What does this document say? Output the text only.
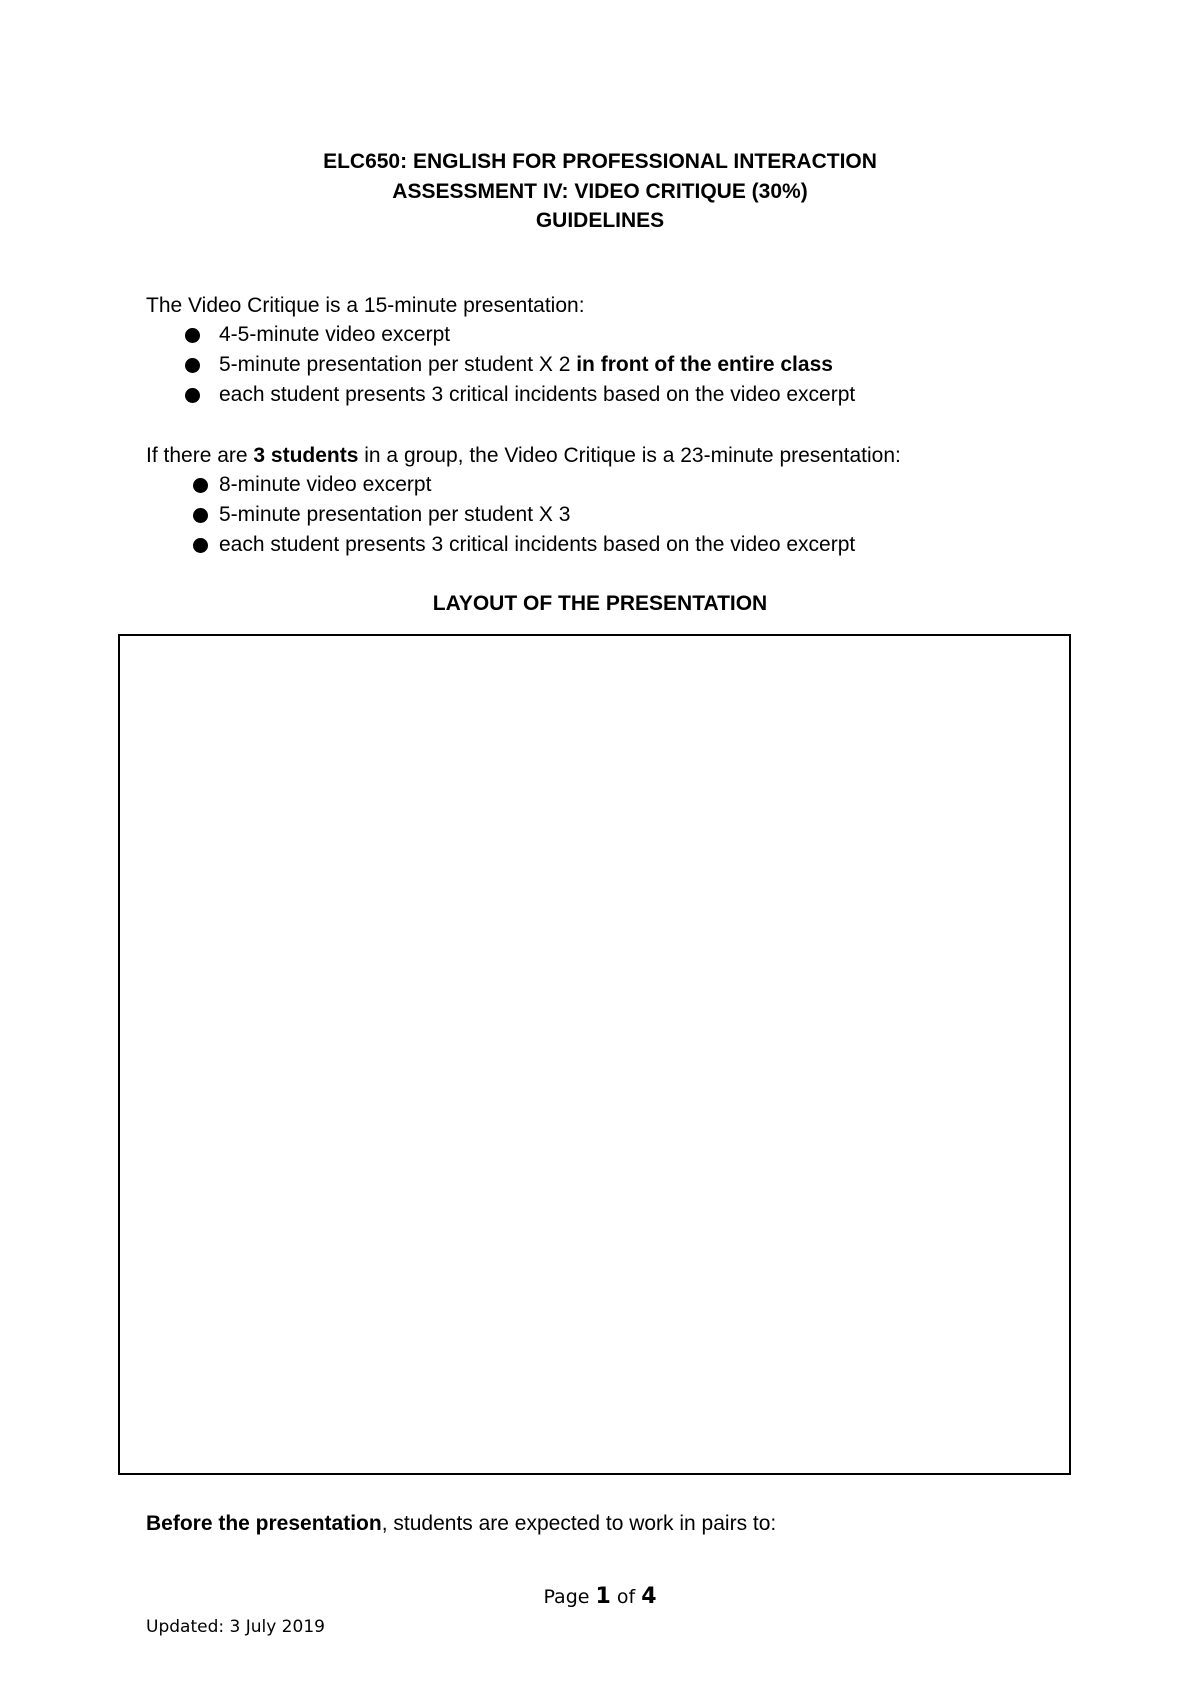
ELC650: ENGLISH FOR PROFESSIONAL INTERACTION
ASSESSMENT IV: VIDEO CRITIQUE (30%)
GUIDELINES
The Video Critique is a 15-minute presentation:
4-5-minute video excerpt
5-minute presentation per student X 2 in front of the entire class
each student presents 3 critical incidents based on the video excerpt
If there are 3 students in a group, the Video Critique is a 23-minute presentation:
8-minute video excerpt
5-minute presentation per student X 3
each student presents 3 critical incidents based on the video excerpt
LAYOUT OF THE PRESENTATION
Before the presentation, students are expected to work in pairs to:
Page 1 of 4
Updated: 3 July 2019
